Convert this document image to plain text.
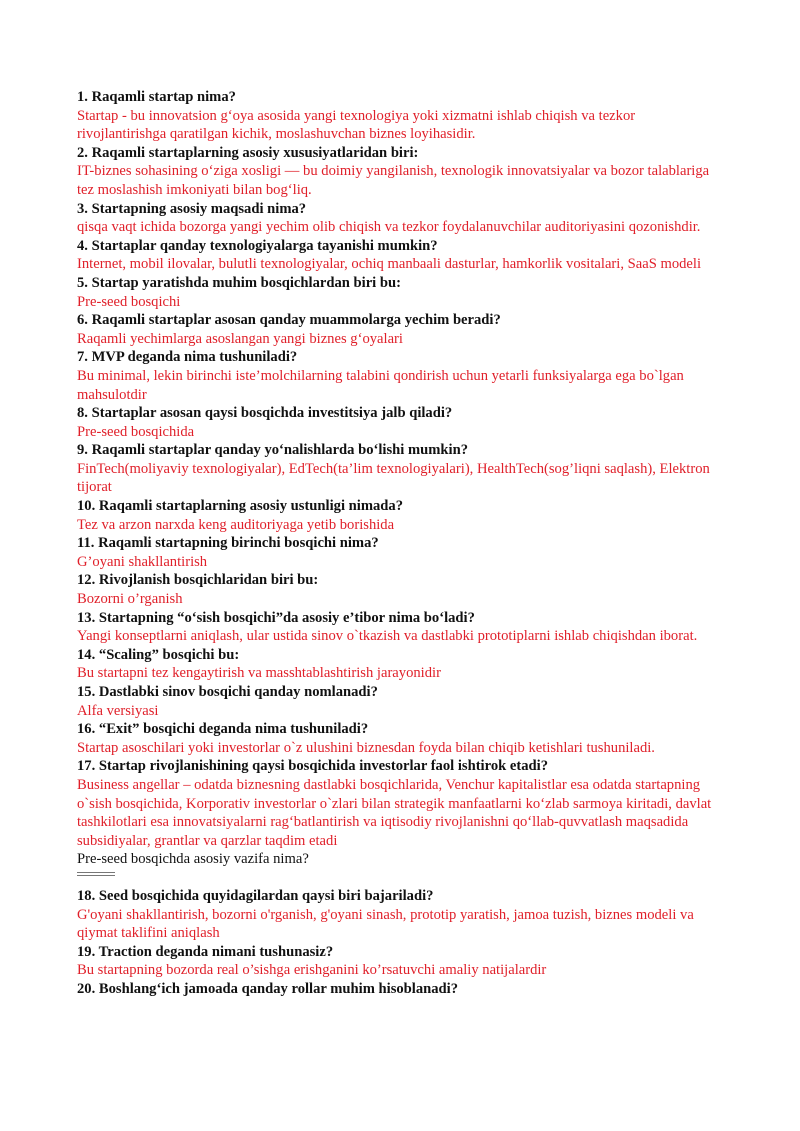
1. Raqamli startap nima?
Startap - bu innovatsion g‘oya asosida yangi texnologiya yoki xizmatni ishlab chiqish va tezkor rivojlantirishga qaratilgan kichik, moslashuvchan biznes loyihasidir.
2. Raqamli startaplarning asosiy xususiyatlaridan biri:
IT-biznes sohasining o‘ziga xosligi — bu doimiy yangilanish, texnologik innovatsiyalar va bozor talablariga tez moslashish imkoniyati bilan bog‘liq.
3. Startapning asosiy maqsadi nima?
qisqa vaqt ichida bozorga yangi yechim olib chiqish va tezkor foydalanuvchilar auditoriyasini qozonishdir.
4. Startaplar qanday texnologiyalarga tayanishi mumkin?
Internet, mobil ilovalar, bulutli texnologiyalar, ochiq manbaali dasturlar, hamkorlik vositalari, SaaS modeli
5. Startap yaratishda muhim bosqichlardan biri bu:
Pre-seed bosqichi
6. Raqamli startaplar asosan qanday muammolarga yechim beradi?
Raqamli yechimlarga asoslangan yangi biznes g‘oyalari
7. MVP deganda nima tushuniladi?
Bu minimal, lekin birinchi iste’molchilarning talabini qondirish uchun yetarli funksiyalarga ega bo`lgan mahsulotdir
8. Startaplar asosan qaysi bosqichda investitsiya jalb qiladi?
Pre-seed bosqichida
9. Raqamli startaplar qanday yo‘nalishlarda bo‘lishi mumkin?
FinTech(moliyaviy texnologiyalar), EdTech(ta’lim texnologiyalari), HealthTech(sog’liqni saqlash), Elektron tijorat
10. Raqamli startaplarning asosiy ustunligi nimada?
Tez va arzon narxda keng auditoriyaga yetib borishida
11. Raqamli startapning birinchi bosqichi nima?
G’oyani shakllantirish
12. Rivojlanish bosqichlaridan biri bu:
Bozorni o’rganish
13. Startapning “o‘sish bosqichi”da asosiy e’tibor nima bo‘ladi?
Yangi konseptlarni aniqlash, ular ustida sinov o`tkazish va dastlabki prototiplarni ishlab chiqishdan iborat.
14. “Scaling” bosqichi bu:
Bu startapni tez kengaytirish va masshtablashtirish jarayonidir
15. Dastlabki sinov bosqichi qanday nomlanadi?
Alfa versiyasi
16. “Exit” bosqichi deganda nima tushuniladi?
Startap asoschilari yoki investorlar o`z ulushini biznesdan foyda bilan chiqib ketishlari tushuniladi.
17. Startap rivojlanishining qaysi bosqichida investorlar faol ishtirok etadi?
Business angellar – odatda biznesning dastlabki bosqichlarida, Venchur kapitalistlar esa odatda startapning o`sish bosqichida, Korporativ investorlar o`zlari bilan strategik manfaatlarni ko‘zlab sarmoya kiritadi, davlat tashkilotlari esa innovatsiyalarni rag‘batlantirish va iqtisodiy rivojlanishni qo‘llab-quvvatlash maqsadida subsidiyalar, grantlar va qarzlar taqdim etadi
Pre-seed bosqichda asosiy vazifa nima?
18. Seed bosqichida quyidagilardan qaysi biri bajariladi?
G'oyani shakllantirish, bozorni o'rganish, g'oyani sinash, prototip yaratish, jamoa tuzish, biznes modeli va qiymat taklifini aniqlash
19. Traction deganda nimani tushunasiz?
Bu startapning bozorda real o’sishga erishganini ko’rsatuvchi amaliy natijalardir
20. Boshlang‘ich jamoada qanday rollar muhim hisoblanadi?
